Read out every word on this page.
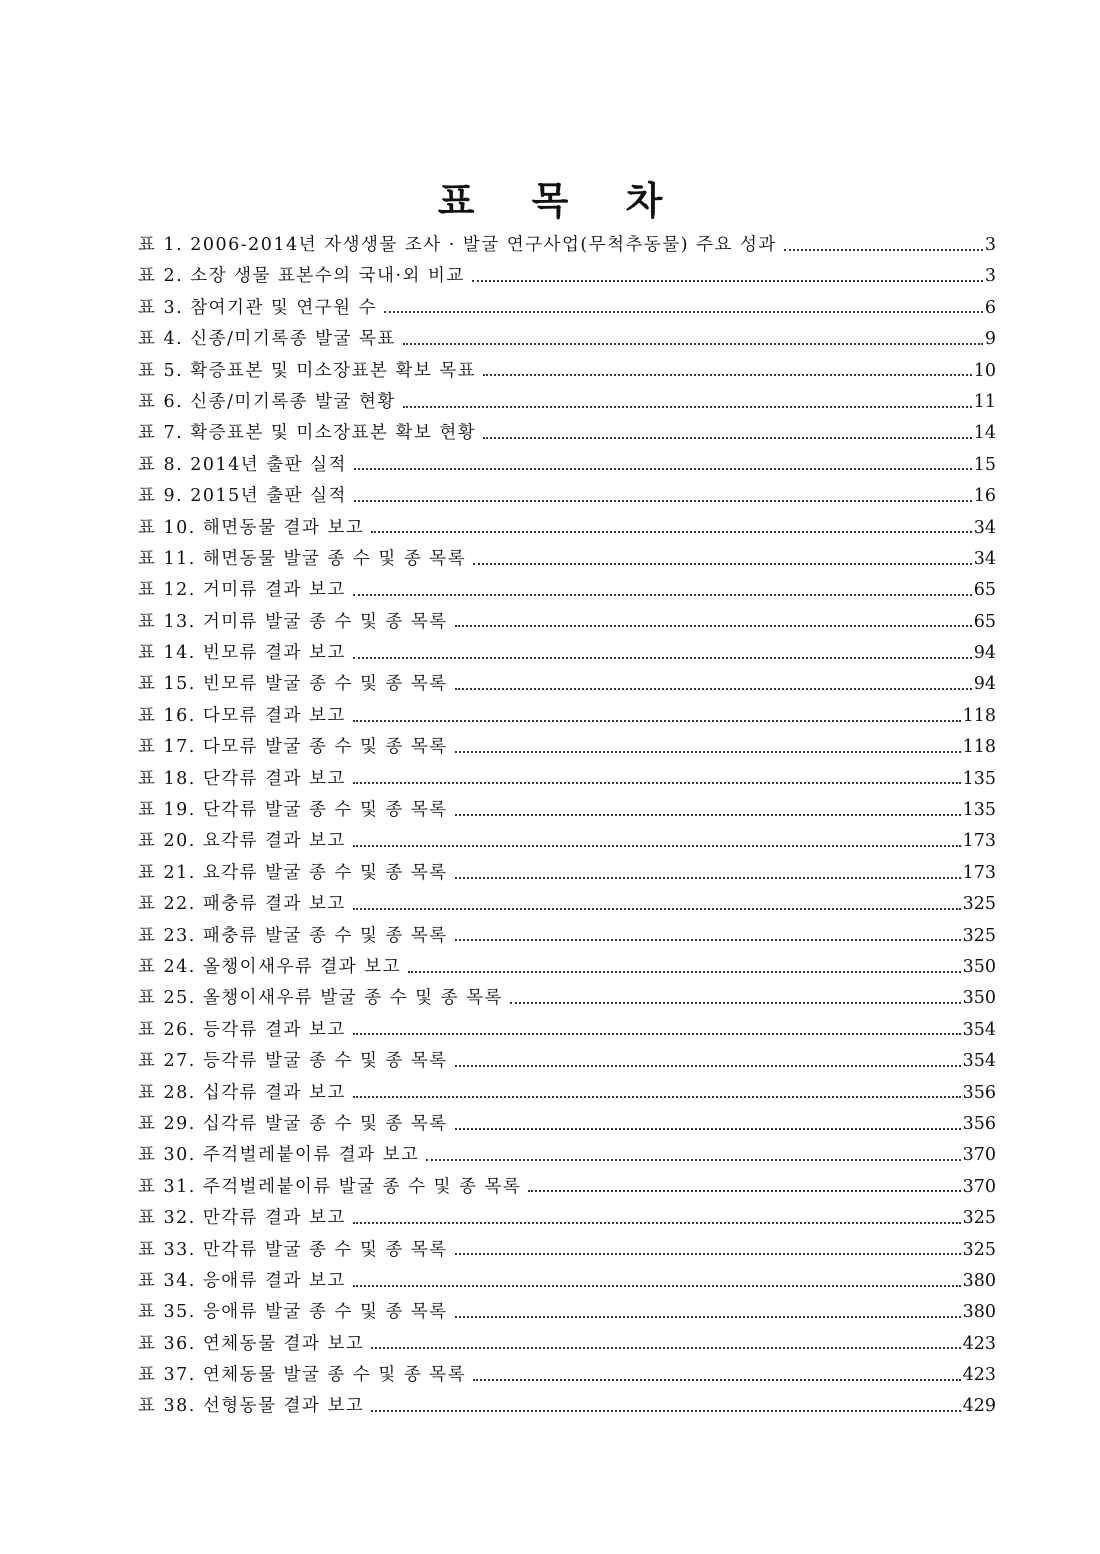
표 목 차
표 1. 2006-2014년 자생생물 조사 · 발굴 연구사업(무척추동물) 주요 성과	3
표 2. 소장 생물 표본수의 국내·외 비교	3
표 3. 참여기관 및 연구원 수	6
표 4. 신종/미기록종 발굴 목표	9
표 5. 확증표본 및 미소장표본 확보 목표	10
표 6. 신종/미기록종 발굴 현황	11
표 7. 확증표본 및 미소장표본 확보 현황	14
표 8. 2014년 출판 실적	15
표 9. 2015년 출판 실적	16
표 10. 해면동물 결과 보고	34
표 11. 해면동물 발굴 종 수 및 종 목록	34
표 12. 거미류 결과 보고	65
표 13. 거미류 발굴 종 수 및 종 목록	65
표 14. 빈모류 결과 보고	94
표 15. 빈모류 발굴 종 수 및 종 목록	94
표 16. 다모류 결과 보고	118
표 17. 다모류 발굴 종 수 및 종 목록	118
표 18. 단각류 결과 보고	135
표 19. 단각류 발굴 종 수 및 종 목록	135
표 20. 요각류 결과 보고	173
표 21. 요각류 발굴 종 수 및 종 목록	173
표 22. 패충류 결과 보고	325
표 23. 패충류 발굴 종 수 및 종 목록	325
표 24. 올챙이새우류 결과 보고	350
표 25. 올챙이새우류 발굴 종 수 및 종 목록	350
표 26. 등각류 결과 보고	354
표 27. 등각류 발굴 종 수 및 종 목록	354
표 28. 십각류 결과 보고	356
표 29. 십각류 발굴 종 수 및 종 목록	356
표 30. 주걱벌레붙이류 결과 보고	370
표 31. 주걱벌레붙이류 발굴 종 수 및 종 목록	370
표 32. 만각류 결과 보고	325
표 33. 만각류 발굴 종 수 및 종 목록	325
표 34. 응애류 결과 보고	380
표 35. 응애류 발굴 종 수 및 종 목록	380
표 36. 연체동물 결과 보고	423
표 37. 연체동물 발굴 종 수 및 종 목록	423
표 38. 선형동물 결과 보고	429
